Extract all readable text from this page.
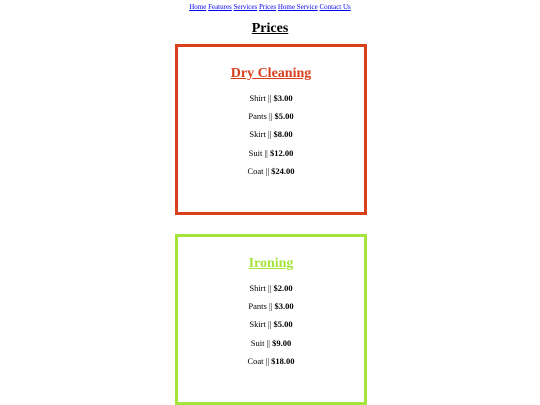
Home Features Services Prices Home Service Contact Us
Prices
Dry Cleaning
Shirt || $3.00
Pants || $5.00
Skirt || $8.00
Suit || $12.00
Coat || $24.00
Ironing
Shirt || $2.00
Pants || $3.00
Skirt || $5.00
Suit || $9.00
Coat || $18.00
